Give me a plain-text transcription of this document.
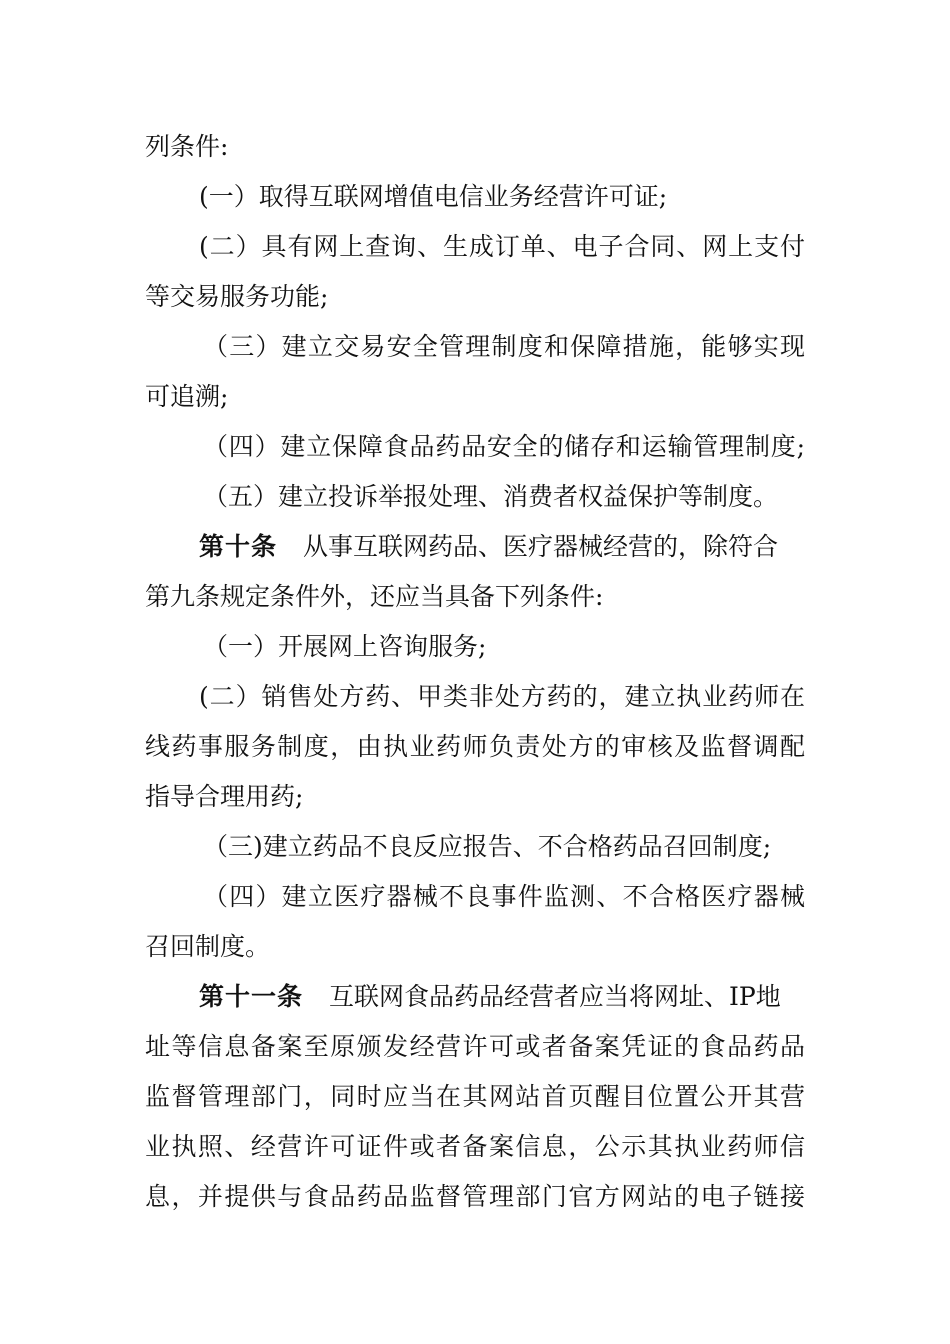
列条件:
(一）取得互联网增值电信业务经营许可证;
(二）具有网上查询、生成订单、电子合同、网上支付
等交易服务功能;
（三）建立交易安全管理制度和保障措施，能够实现
可追溯;
（四）建立保障食品药品安全的储存和运输管理制度;
（五）建立投诉举报处理、消费者权益保护等制度。
第十条 从事互联网药品、医疗器械经营的，除符合
第九条规定条件外，还应当具备下列条件:
（一）开展网上咨询服务;
(二）销售处方药、甲类非处方药的，建立执业药师在
线药事服务制度，由执业药师负责处方的审核及监督调配
指导合理用药;
（三)建立药品不良反应报告、不合格药品召回制度;
（四）建立医疗器械不良事件监测、不合格医疗器械
召回制度。
第十一条 互联网食品药品经营者应当将网址、IP地
址等信息备案至原颁发经营许可或者备案凭证的食品药品
监督管理部门，同时应当在其网站首页醒目位置公开其营
业执照、经营许可证件或者备案信息，公示其执业药师信
息，并提供与食品药品监督管理部门官方网站的电子链接
